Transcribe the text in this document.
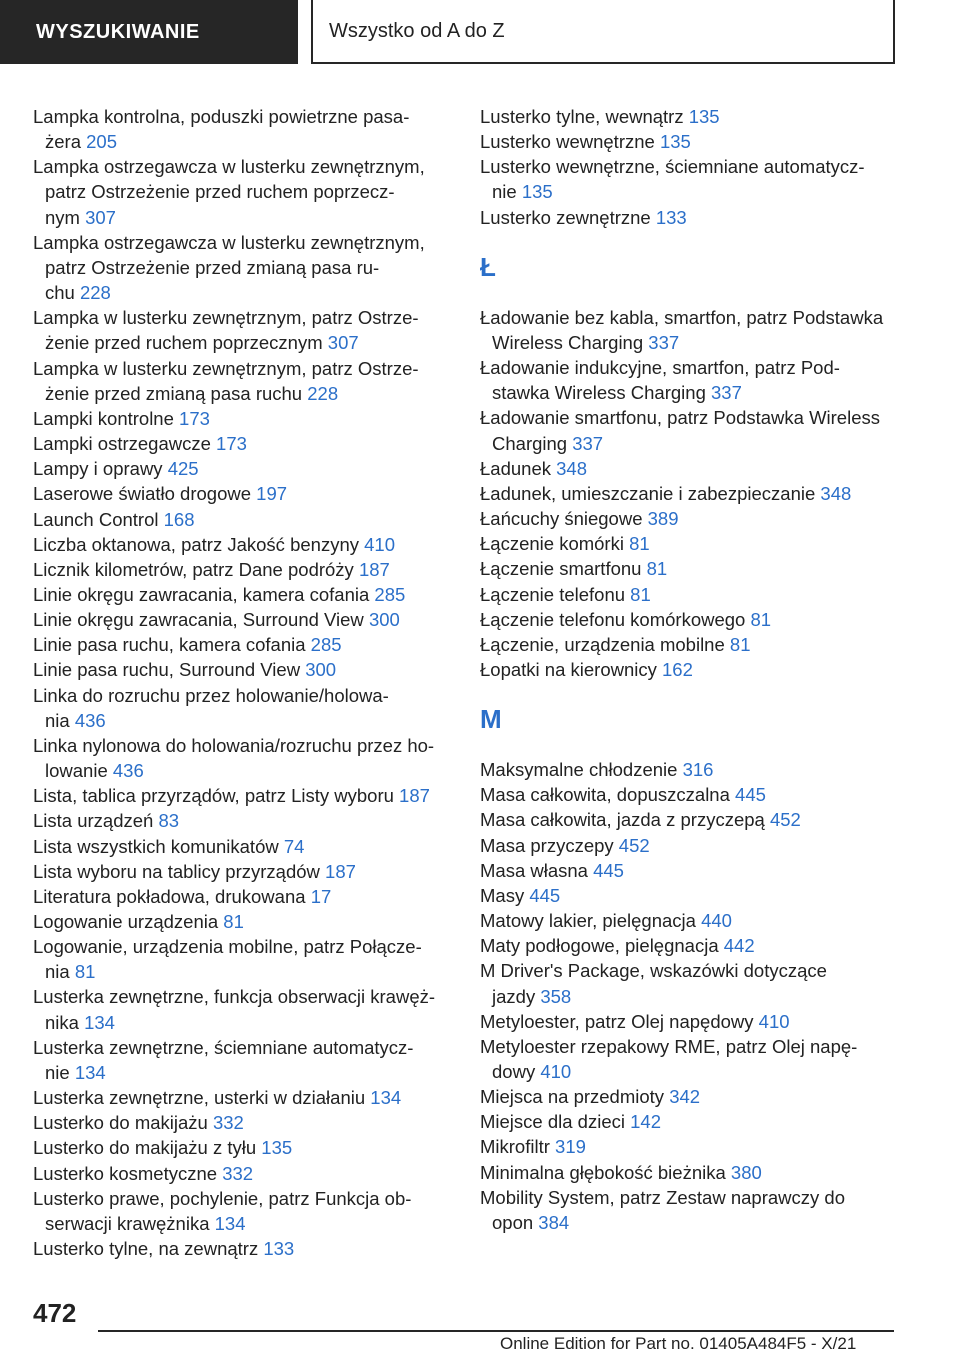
WYSZUKIWANIE	Wszystko od A do Z
Lampka kontrolna, poduszki powietrzne pasa-
żera 205
Lampka ostrzegawcza w lusterku zewnętrznym,
patrz Ostrzeżenie przed ruchem poprzecz-
nym 307
Lampka ostrzegawcza w lusterku zewnętrznym,
patrz Ostrzeżenie przed zmianą pasa ru-
chu 228
Lampka w lusterku zewnętrznym, patrz Ostrze-
żenie przed ruchem poprzecznym 307
Lampka w lusterku zewnętrznym, patrz Ostrze-
żenie przed zmianą pasa ruchu 228
Lampki kontrolne 173
Lampki ostrzegawcze 173
Lampy i oprawy 425
Laserowe światło drogowe 197
Launch Control 168
Liczba oktanowa, patrz Jakość benzyny 410
Licznik kilometrów, patrz Dane podróży 187
Linie okręgu zawracania, kamera cofania 285
Linie okręgu zawracania, Surround View 300
Linie pasa ruchu, kamera cofania 285
Linie pasa ruchu, Surround View 300
Linka do rozruchu przez holowanie/holowa-
nia 436
Linka nylonowa do holowania/rozruchu przez ho-
lowanie 436
Lista, tablica przyrządów, patrz Listy wyboru 187
Lista urządzeń 83
Lista wszystkich komunikatów 74
Lista wyboru na tablicy przyrządów 187
Literatura pokładowa, drukowana 17
Logowanie urządzenia 81
Logowanie, urządzenia mobilne, patrz Połącze-
nia 81
Lusterka zewnętrzne, funkcja obserwacji krawęż-
nika 134
Lusterka zewnętrzne, ściemniane automatycz-
nie 134
Lusterka zewnętrzne, usterki w działaniu 134
Lusterko do makijażu 332
Lusterko do makijażu z tyłu 135
Lusterko kosmetyczne 332
Lusterko prawe, pochylenie, patrz Funkcja ob-
serwacji krawężnika 134
Lusterko tylne, na zewnątrz 133
Lusterko tylne, wewnątrz 135
Lusterko wewnętrzne 135
Lusterko wewnętrzne, ściemniane automatycz-
nie 135
Lusterko zewnętrzne 133
Ł
Ładowanie bez kabla, smartfon, patrz Podstawka
Wireless Charging 337
Ładowanie indukcyjne, smartfon, patrz Pod-
stawka Wireless Charging 337
Ładowanie smartfonu, patrz Podstawka Wireless
Charging 337
Ładunek 348
Ładunek, umieszczanie i zabezpieczanie 348
Łańcuchy śniegowe 389
Łączenie komórki 81
Łączenie smartfonu 81
Łączenie telefonu 81
Łączenie telefonu komórkowego 81
Łączenie, urządzenia mobilne 81
Łopatki na kierownicy 162
M
Maksymalne chłodzenie 316
Masa całkowita, dopuszczalna 445
Masa całkowita, jazda z przyczepą 452
Masa przyczepy 452
Masa własna 445
Masy 445
Matowy lakier, pielęgnacja 440
Maty podłogowe, pielęgnacja 442
M Driver's Package, wskazówki dotyczące
jazdy 358
Metyloester, patrz Olej napędowy 410
Metyloester rzepakowy RME, patrz Olej napę-
dowy 410
Miejsca na przedmioty 342
Miejsce dla dzieci 142
Mikrofiltr 319
Minimalna głębokość bieżnika 380
Mobility System, patrz Zestaw naprawczy do
opon 384
472
Online Edition for Part no. 01405A484F5 - X/21
